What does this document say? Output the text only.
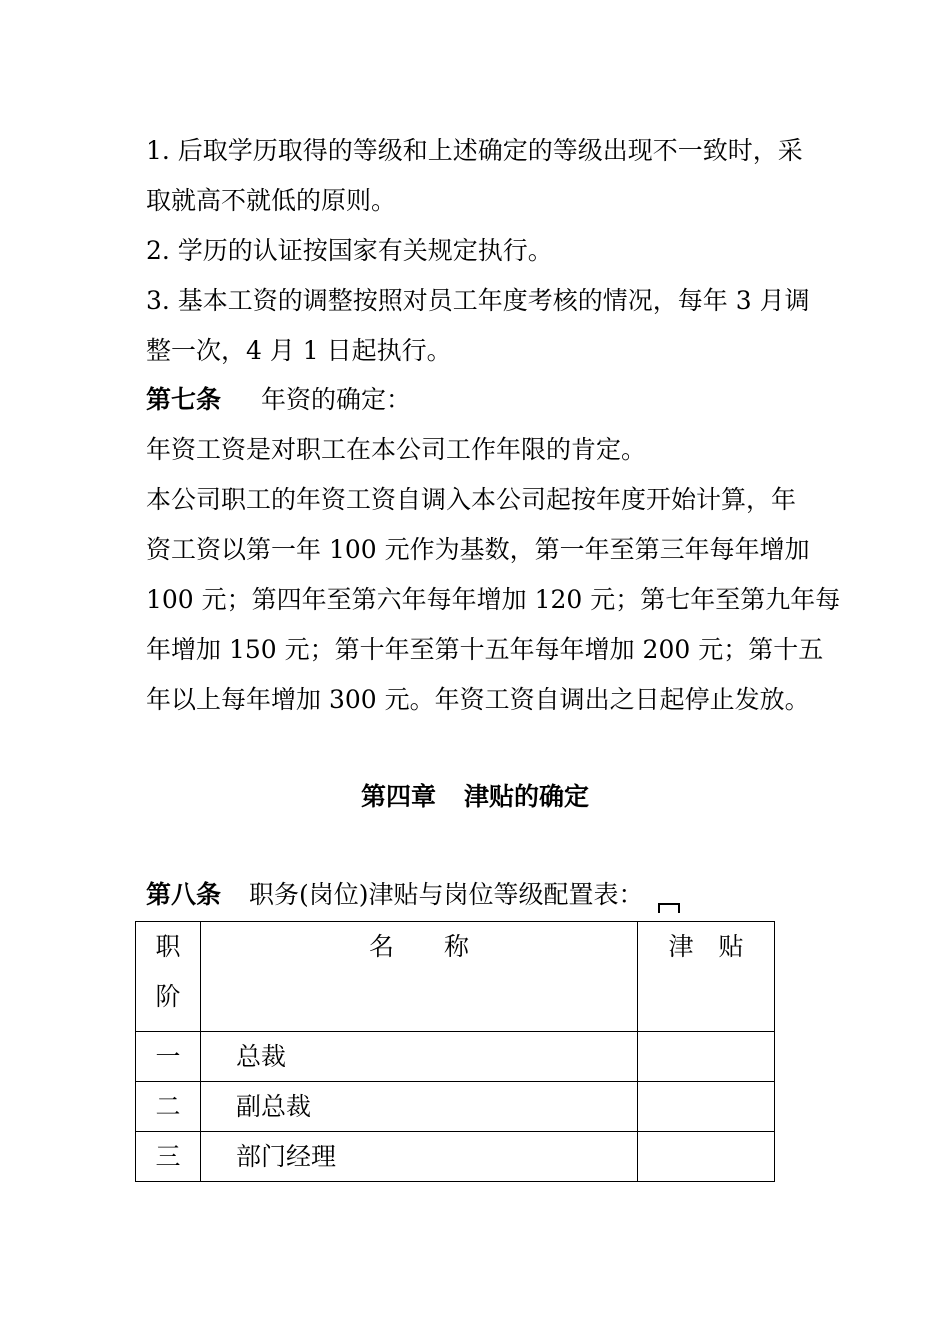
1. 后取学历取得的等级和上述确定的等级出现不一致时，采
取就高不就低的原则。
2. 学历的认证按国家有关规定执行。
3. 基本工资的调整按照对员工年度考核的情况，每年 3 月调
整一次，4 月 1 日起执行。
第七条 年资的确定：
年资工资是对职工在本公司工作年限的肯定。
本公司职工的年资工资自调入本公司起按年度开始计算，年
资工资以第一年 100 元作为基数，第一年至第三年每年增加
100 元；第四年至第六年每年增加 120 元；第七年至第九年每
年增加 150 元；第十年至第十五年每年增加 200 元；第十五
年以上每年增加 300 元。年资工资自调出之日起停止发放。
第四章 津贴的确定
第八条 职务(岗位)津贴与岗位等级配置表：
职
阶	名　　称	津　贴
一	总裁	
二	副总裁	
三	部门经理	
